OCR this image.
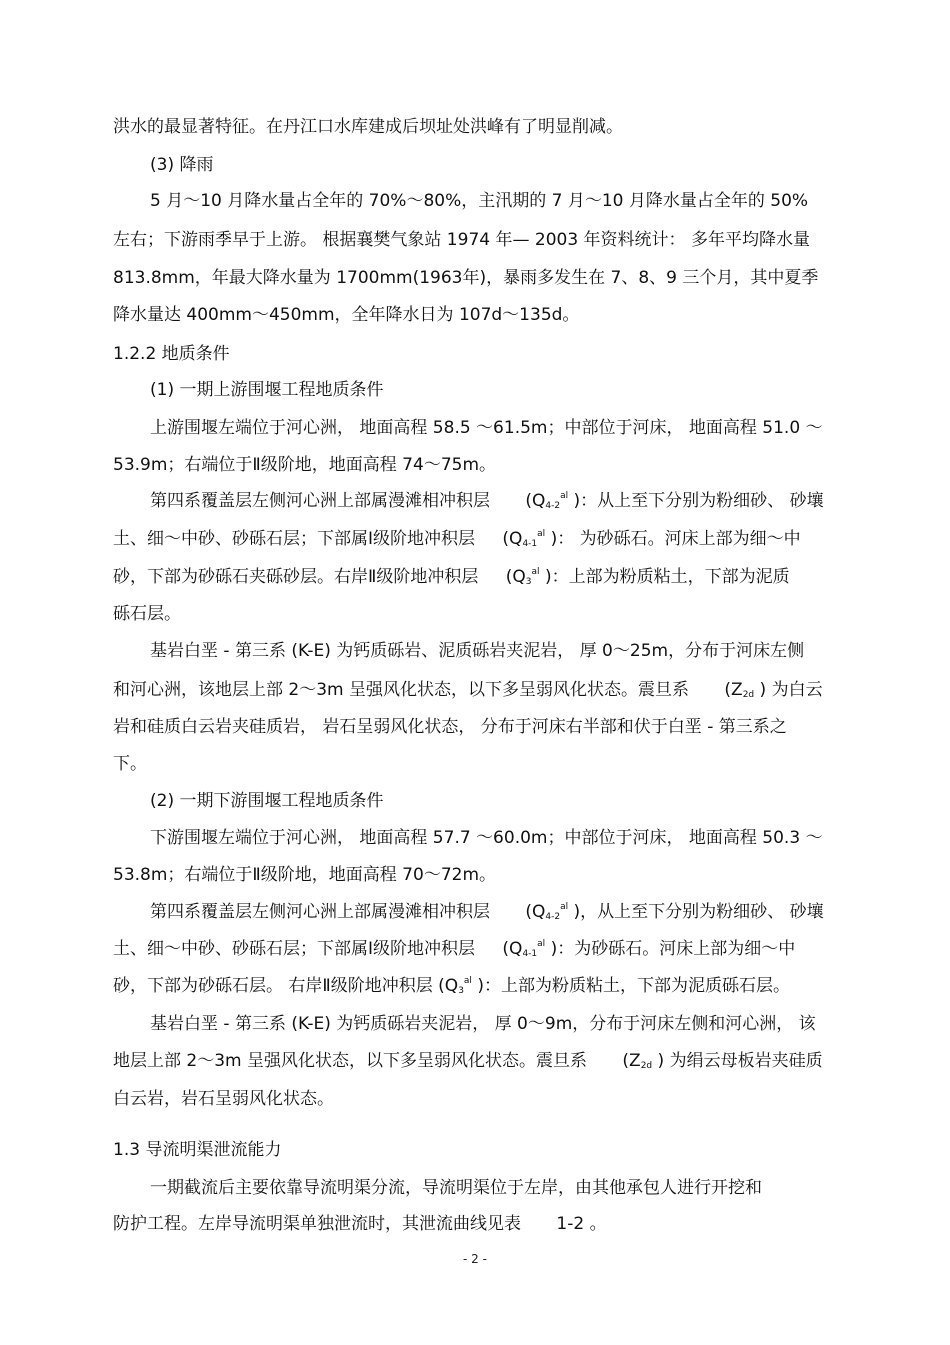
洪水的最显著特征。在丹江口水库建成后坝址处洪峰有了明显削减。
(3) 降雨
5 月～10 月降水量占全年的 70%～80%，主汛期的 7 月～10 月降水量占全年的 50%
左右；下游雨季早于上游。 根据襄樊气象站 1974 年— 2003 年资料统计： 多年平均降水量
813.8mm，年最大降水量为 1700mm(1963年)，暴雨多发生在 7、8、9 三个月，其中夏季
降水量达 400mm～450mm，全年降水日为 107d～135d。
1.2.2 地质条件
(1) 一期上游围堰工程地质条件
上游围堰左端位于河心洲， 地面高程 58.5 ～61.5m；中部位于河床， 地面高程 51.0 ～
53.9m；右端位于Ⅱ级阶地，地面高程 74～75m。
第四系覆盖层左侧河心洲上部属漫滩相冲积层 ($Q_{4-2}^{al}$ )：从上至下分别为粉细砂、 砂壤
土、细～中砂、砂砾石层；下部属Ⅰ级阶地冲积层 ($Q_{4-1}^{al}$ )： 为砂砾石。河床上部为细～中
砂，下部为砂砾石夹砾砂层。右岸Ⅱ级阶地冲积层 ($Q_3^{al}$ )：上部为粉质粘土，下部为泥质
砾石层。
基岩白垩 - 第三系 (K-E) 为钙质砾岩、泥质砾岩夹泥岩， 厚 0～25m，分布于河床左侧
和河心洲，该地层上部 2～3m 呈强风化状态，以下多呈弱风化状态。震旦系 ($Z_{2d}$ ) 为白云
岩和硅质白云岩夹硅质岩， 岩石呈弱风化状态， 分布于河床右半部和伏于白垩 - 第三系之
下。
(2) 一期下游围堰工程地质条件
下游围堰左端位于河心洲， 地面高程 57.7 ～60.0m；中部位于河床， 地面高程 50.3 ～
53.8m；右端位于Ⅱ级阶地，地面高程 70～72m。
第四系覆盖层左侧河心洲上部属漫滩相冲积层 ($Q_{4-2}^{al}$ )，从上至下分别为粉细砂、 砂壤
土、细～中砂、砂砾石层；下部属Ⅰ级阶地冲积层 ($Q_{4-1}^{al}$ )：为砂砾石。河床上部为细～中
砂，下部为砂砾石层。 右岸Ⅱ级阶地冲积层 ($Q_3^{al}$ )：上部为粉质粘土，下部为泥质砾石层。
基岩白垩 - 第三系 (K-E) 为钙质砾岩夹泥岩， 厚 0～9m，分布于河床左侧和河心洲， 该
地层上部 2～3m 呈强风化状态，以下多呈弱风化状态。震旦系 ($Z_{2d}$ ) 为绢云母板岩夹硅质
白云岩，岩石呈弱风化状态。
1.3 导流明渠泄流能力
一期截流后主要依靠导流明渠分流，导流明渠位于左岸，由其他承包人进行开挖和
防护工程。左岸导流明渠单独泄流时，其泄流曲线见表 1-2 。
- 2 -
